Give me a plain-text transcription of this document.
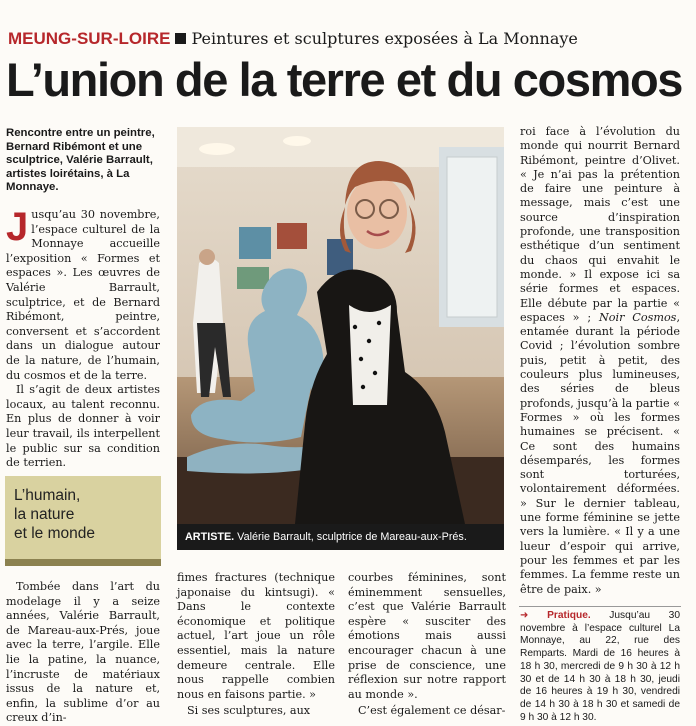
MEUNG-SUR-LOIRE Peintures et sculptures exposées à La Monnaye
L’union de la terre et du cosmos
Rencontre entre un peintre, Bernard Ribémont et une sculptrice, Valérie Barrault, artistes loirétains, à La Monnaye.

Jusqu’au 30 novembre, l’espace culturel de la Monnaye accueille l’exposition « Formes et espaces ». Les œuvres de Valérie Barrault, sculptrice, et de Bernard Ribémont, peintre, conversent et s’accordent dans un dialogue autour de la nature, de l’humain, du cosmos et de la terre.

Il s’agit de deux artistes locaux, au talent reconnu. En plus de donner à voir leur travail, ils interpellent le public sur sa condition de terrien.

L’humain,
la nature
et le monde

Tombée dans l’art du modelage il y a seize années, Valérie Barrault, de Mareau-aux-Prés, joue avec la terre, l’argile. Elle lie la patine, la nuance, l’incruste de matériaux issus de la nature et, enfin, la sublime d’or au creux d’in-

ARTISTE. Valérie Barrault, sculptrice de Mareau-aux-Prés.

fimes fractures (technique japonaise du kintsugi). « Dans le contexte économique et politique actuel, l’art joue un rôle essentiel, mais la nature demeure centrale. Elle nous rappelle combien nous en faisons partie. »

Si ses sculptures, aux

courbes féminines, sont éminemment sensuelles, c’est que Valérie Barrault espère « susciter des émotions mais aussi encourager chacun à une prise de conscience, une réflexion sur notre rapport au monde ».

C’est également ce désar-

roi face à l’évolution du monde qui nourrit Bernard Ribémont, peintre d’Olivet. « Je n’ai pas la prétention de faire une peinture à message, mais c’est une source d’inspiration profonde, une transposition esthétique d’un sentiment du chaos qui envahit le monde. » Il expose ici sa série formes et espaces. Elle débute par la partie « espaces » ; Noir Cosmos, entamée durant la période Covid ; l’évolution sombre puis, petit à petit, des couleurs plus lumineuses, des séries de bleus profonds, jusqu’à la partie « Formes » où les formes humaines se précisent. « Ce sont des humains désemparés, les formes sont torturées, volontairement déformées. » Sur le dernier tableau, une forme féminine se jette vers la lumière. « Il y a une lueur d’espoir qui arrive, pour les femmes et par les femmes. La femme reste un être de paix. »

➜ Pratique. Jusqu’au 30 novembre à l’espace culturel La Monnaye, au 22, rue des Remparts. Mardi de 16 heures à 18 h 30, mercredi de 9 h 30 à 12 h 30 et de 14 h 30 à 18 h 30, jeudi de 16 heures à 19 h 30, vendredi de 14 h 30 à 18 h 30 et samedi de 9 h 30 à 12 h 30.
